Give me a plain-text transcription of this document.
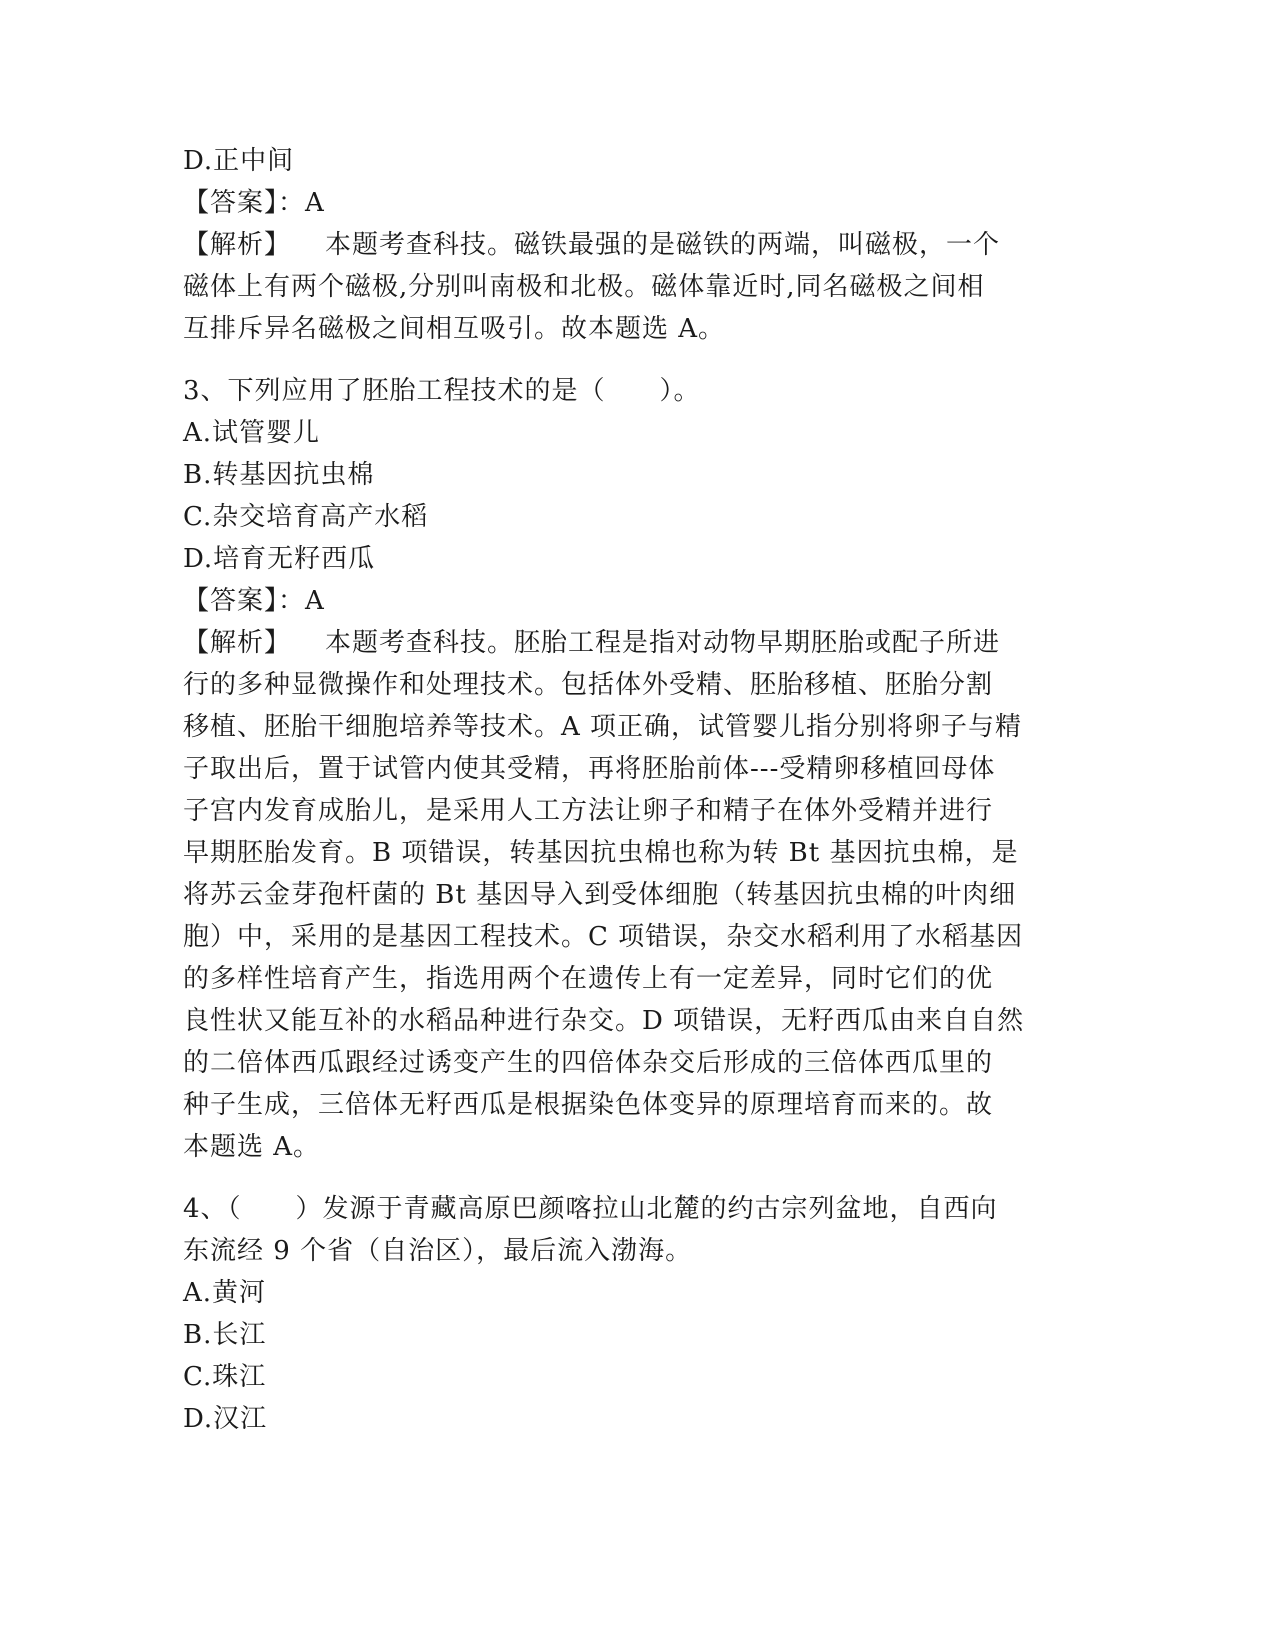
D.正中间
【答案】：A
【解析】 本题考查科技。磁铁最强的是磁铁的两端，叫磁极，一个
磁体上有两个磁极,分别叫南极和北极。磁体靠近时,同名磁极之间相
互排斥异名磁极之间相互吸引。故本题选 A。
3、下列应用了胚胎工程技术的是（　　）。
A.试管婴儿
B.转基因抗虫棉
C.杂交培育高产水稻
D.培育无籽西瓜
【答案】：A
【解析】 本题考查科技。胚胎工程是指对动物早期胚胎或配子所进
行的多种显微操作和处理技术。包括体外受精、胚胎移植、胚胎分割
移植、胚胎干细胞培养等技术。A 项正确，试管婴儿指分别将卵子与精
子取出后，置于试管内使其受精，再将胚胎前体---受精卵移植回母体
子宫内发育成胎儿，是采用人工方法让卵子和精子在体外受精并进行
早期胚胎发育。B 项错误，转基因抗虫棉也称为转 Bt 基因抗虫棉，是
将苏云金芽孢杆菌的 Bt 基因导入到受体细胞（转基因抗虫棉的叶肉细
胞）中，采用的是基因工程技术。C 项错误，杂交水稻利用了水稻基因
的多样性培育产生，指选用两个在遗传上有一定差异，同时它们的优
良性状又能互补的水稻品种进行杂交。D 项错误，无籽西瓜由来自自然
的二倍体西瓜跟经过诱变产生的四倍体杂交后形成的三倍体西瓜里的
种子生成，三倍体无籽西瓜是根据染色体变异的原理培育而来的。故
本题选 A。
4、（　　）发源于青藏高原巴颜喀拉山北麓的约古宗列盆地，自西向
东流经 9 个省（自治区），最后流入渤海。
A.黄河
B.长江
C.珠江
D.汉江
